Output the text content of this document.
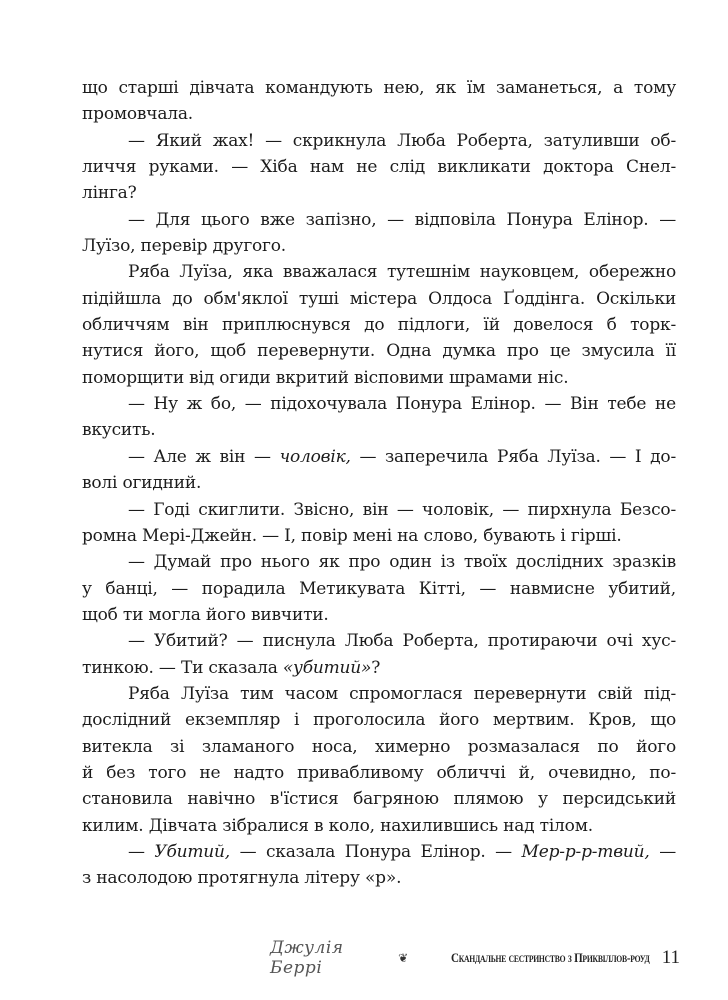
що старші дівчата командують нею, як їм заманеться, а тому
промовчала.
— Який жах! — скрикнула Люба Роберта, затуливши об-
личчя руками. — Хіба нам не слід викликати доктора Снел-
лінга?
— Для цього вже запізно, — відповіла Понура Елінор. —
Луїзо, перевір другого.
Ряба Луїза, яка вважалася тутешнім науковцем, обережно
підійшла до обм'яклої туші містера Олдоса Ґоддінга. Оскільки
обличчям він приплюснувся до підлоги, їй довелося б торк-
нутися його, щоб перевернути. Одна думка про це змусила її
поморщити від огиди вкритий вісповими шрамами ніс.
— Ну ж бо, — підохочувала Понура Елінор. — Він тебе не
вкусить.
— Але ж він — чоловік, — заперечила Ряба Луїза. — І до-
волі огидний.
— Годі скиглити. Звісно, він — чоловік, — пирхнула Безсо-
ромна Мері-Джейн. — І, повір мені на слово, бувають і гірші.
— Думай про нього як про один із твоїх дослідних зразків
у банці, — порадила Метикувата Кітті, — навмисне убитий,
щоб ти могла його вивчити.
— Убитий? — писнула Люба Роберта, протираючи очі хус-
тинкою. — Ти сказала «убитий»?
Ряба Луїза тим часом спромоглася перевернути свій під-
дослідний екземпляр і проголосила його мертвим. Кров, що
витекла зі зламаного носа, химерно розмазалася по його
й без того не надто привабливому обличчі й, очевидно, по-
становила навічно в'їстися багряною плямою у персидський
килим. Дівчата зібралися в коло, нахилившись над тілом.
— Убитий, — сказала Понура Елінор. — Мер-р-р-твий, —
з насолодою протягнула літеру «р».
Джулія Беррі
❦	Скандальне сестринство з Приквіллов-роуд 11
